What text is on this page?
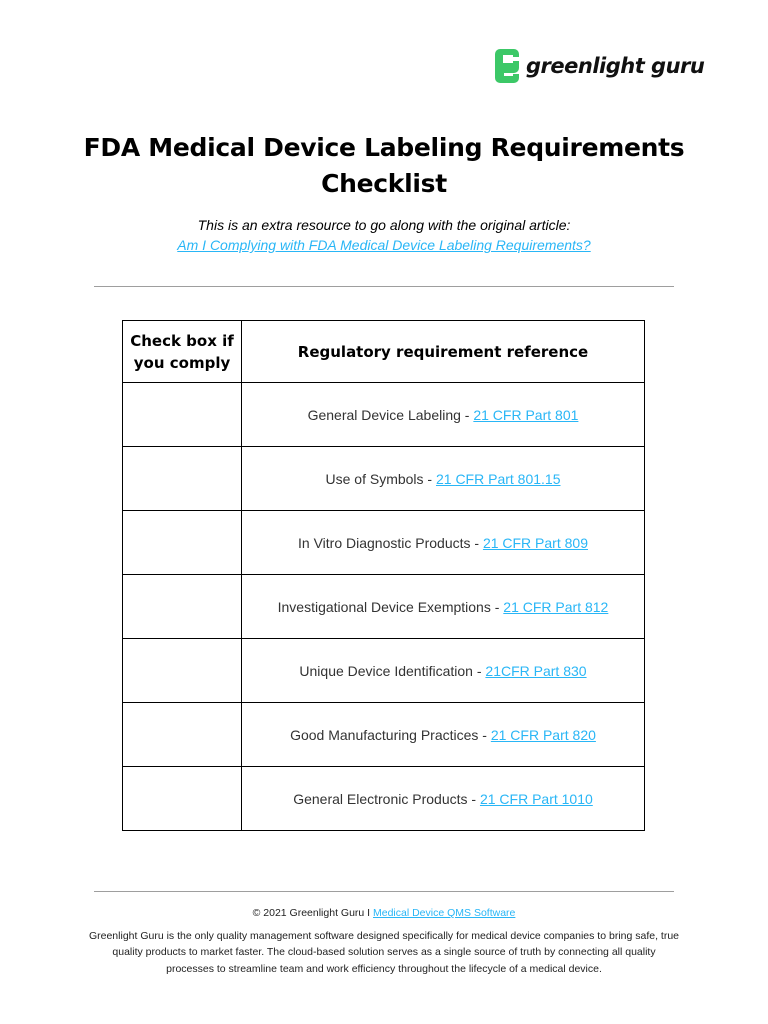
greenlight guru
FDA Medical Device Labeling Requirements Checklist
This is an extra resource to go along with the original article:
Am I Complying with FDA Medical Device Labeling Requirements?
Check box if you comply	Regulatory requirement reference
	General Device Labeling - 21 CFR Part 801
	Use of Symbols - 21 CFR Part 801.15
	In Vitro Diagnostic Products - 21 CFR Part 809
	Investigational Device Exemptions - 21 CFR Part 812
	Unique Device Identification - 21CFR Part 830
	Good Manufacturing Practices - 21 CFR Part 820
	General Electronic Products - 21 CFR Part 1010
© 2021 Greenlight Guru I Medical Device QMS Software
Greenlight Guru is the only quality management software designed specifically for medical device companies to bring safe, true quality products to market faster. The cloud-based solution serves as a single source of truth by connecting all quality processes to streamline team and work efficiency throughout the lifecycle of a medical device.
